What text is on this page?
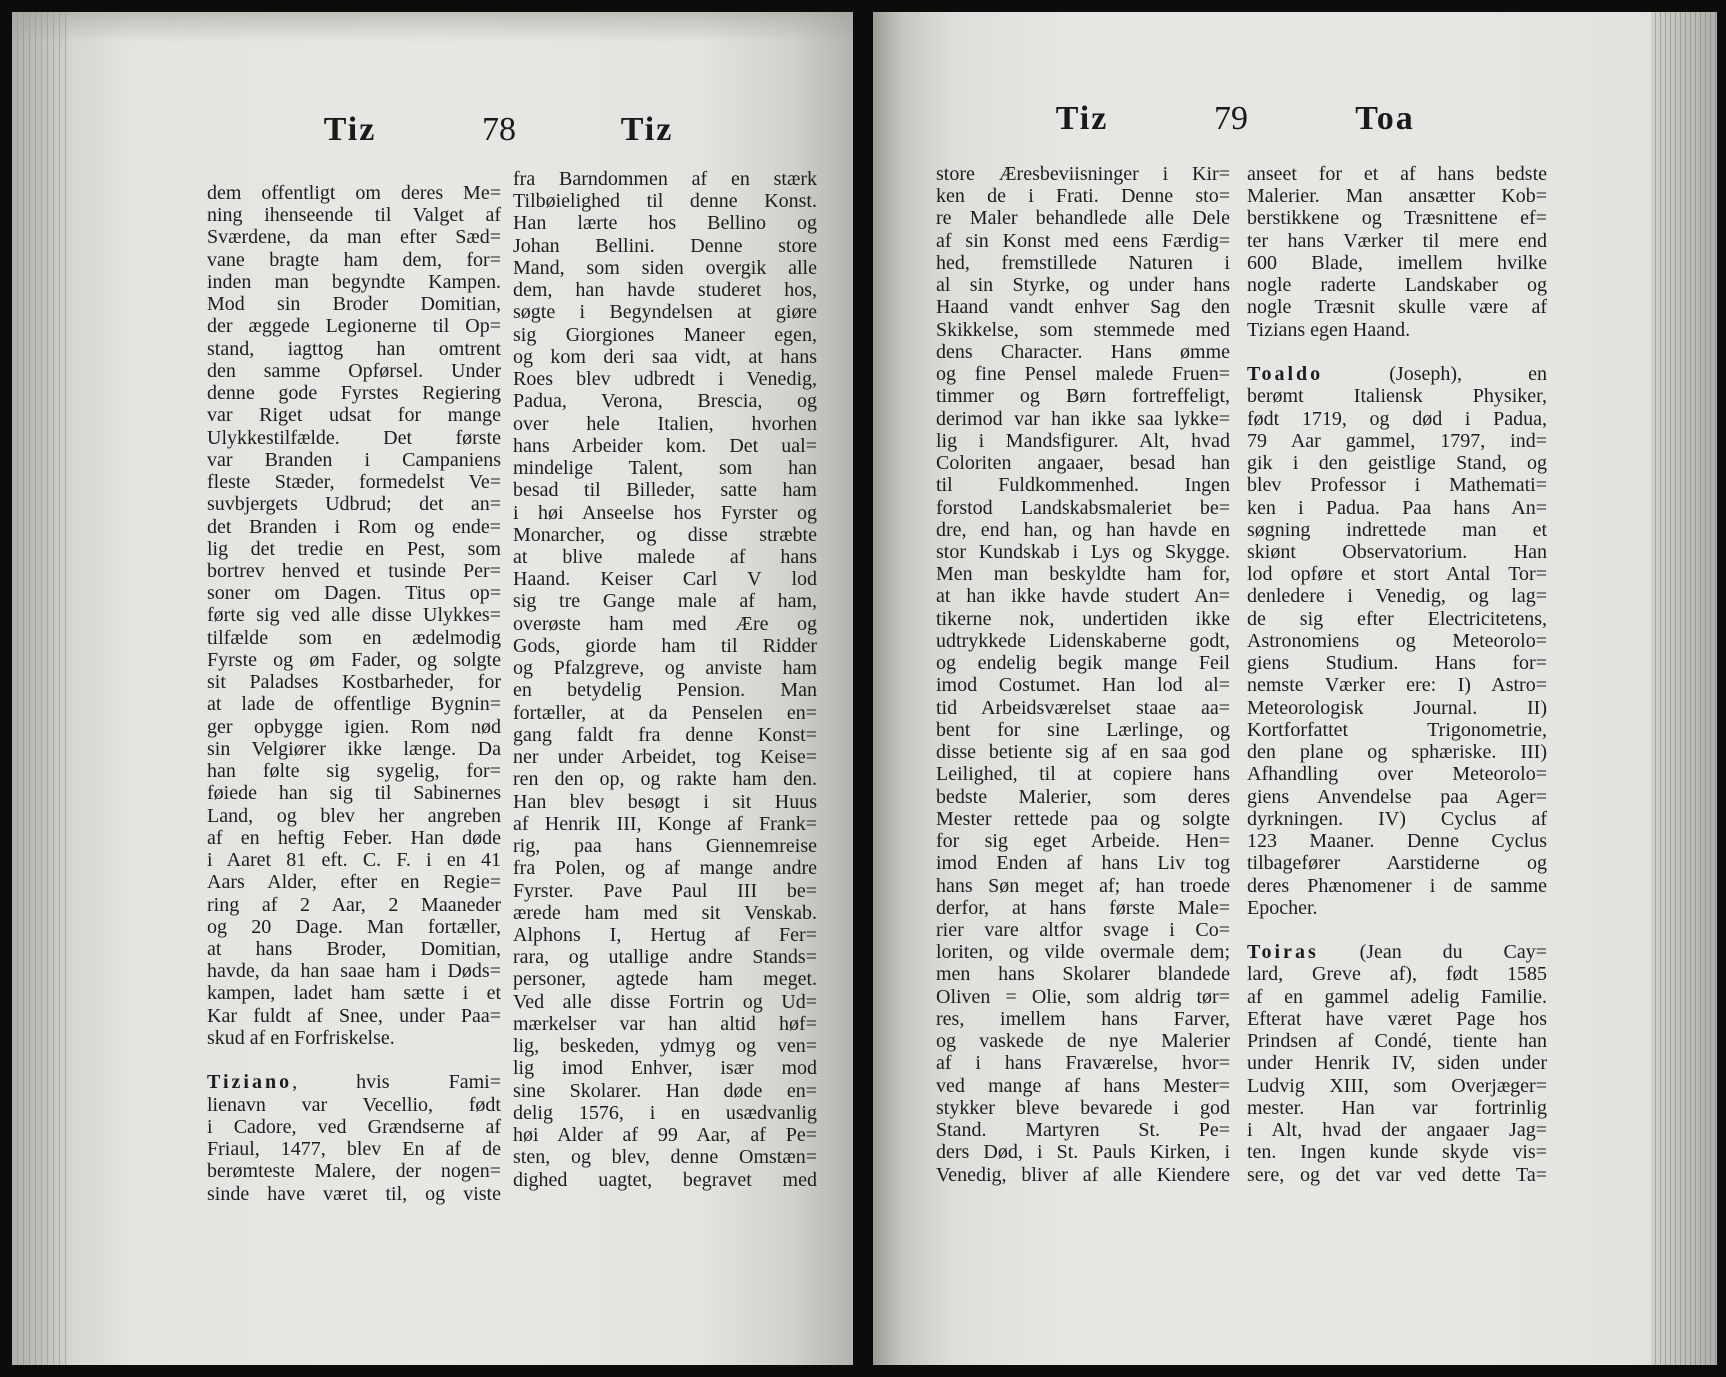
Tiz	78	Tiz
dem offentligt om deres Me=
ning ihenseende til Valget af
Sværdene, da man efter Sæd=
vane bragte ham dem, for=
inden man begyndte Kampen.
Mod sin Broder Domitian,
der æggede Legionerne til Op=
stand, iagttog han omtrent
den samme Opførsel. Under
denne gode Fyrstes Regiering
var Riget udsat for mange
Ulykkestilfælde. Det første
var Branden i Campaniens
fleste Stæder, formedelst Ve=
suvbjergets Udbrud; det an=
det Branden i Rom og ende=
lig det tredie en Pest, som
bortrev henved et tusinde Per=
soner om Dagen. Titus op=
førte sig ved alle disse Ulykkes=
tilfælde som en ædelmodig
Fyrste og øm Fader, og solgte
sit Paladses Kostbarheder, for
at lade de offentlige Bygnin=
ger opbygge igien. Rom nød
sin Velgiører ikke længe. Da
han følte sig sygelig, for=
føiede han sig til Sabinernes
Land, og blev her angreben
af en heftig Feber. Han døde
i Aaret 81 eft. C. F. i en 41
Aars Alder, efter en Regie=
ring af 2 Aar, 2 Maaneder
og 20 Dage. Man fortæller,
at hans Broder, Domitian,
havde, da han saae ham i Døds=
kampen, ladet ham sætte i et
Kar fuldt af Snee, under Paa=
skud af en Forfriskelse.
Tiziano, hvis Fami=
lienavn var Vecellio, født
i Cadore, ved Grændserne af
Friaul, 1477, blev En af de
berømteste Malere, der nogen=
sinde have været til, og viste
fra Barndommen af en stærk
Tilbøielighed til denne Konst.
Han lærte hos Bellino og
Johan Bellini. Denne store
Mand, som siden overgik alle
dem, han havde studeret hos,
søgte i Begyndelsen at giøre
sig Giorgiones Maneer egen,
og kom deri saa vidt, at hans
Roes blev udbredt i Venedig,
Padua, Verona, Brescia, og
over hele Italien, hvorhen
hans Arbeider kom. Det ual=
mindelige Talent, som han
besad til Billeder, satte ham
i høi Anseelse hos Fyrster og
Monarcher, og disse stræbte
at blive malede af hans
Haand. Keiser Carl V lod
sig tre Gange male af ham,
overøste ham med Ære og
Gods, giorde ham til Ridder
og Pfalzgreve, og anviste ham
en betydelig Pension. Man
fortæller, at da Penselen en=
gang faldt fra denne Konst=
ner under Arbeidet, tog Keise=
ren den op, og rakte ham den.
Han blev besøgt i sit Huus
af Henrik III, Konge af Frank=
rig, paa hans Giennemreise
fra Polen, og af mange andre
Fyrster. Pave Paul III be=
ærede ham med sit Venskab.
Alphons I, Hertug af Fer=
rara, og utallige andre Stands=
personer, agtede ham meget.
Ved alle disse Fortrin og Ud=
mærkelser var han altid høf=
lig, beskeden, ydmyg og ven=
lig imod Enhver, især mod
sine Skolarer. Han døde en=
delig 1576, i en usædvanlig
høi Alder af 99 Aar, af Pe=
sten, og blev, denne Omstæn=
dighed uagtet, begravet med
Tiz	79	Toa
store Æresbeviisninger i Kir=
ken de i Frati. Denne sto=
re Maler behandlede alle Dele
af sin Konst med eens Færdig=
hed, fremstillede Naturen i
al sin Styrke, og under hans
Haand vandt enhver Sag den
Skikkelse, som stemmede med
dens Character. Hans ømme
og fine Pensel malede Fruen=
timmer og Børn fortreffeligt,
derimod var han ikke saa lykke=
lig i Mandsfigurer. Alt, hvad
Coloriten angaaer, besad han
til Fuldkommenhed. Ingen
forstod Landskabsmaleriet be=
dre, end han, og han havde en
stor Kundskab i Lys og Skygge.
Men man beskyldte ham for,
at han ikke havde studert An=
tikerne nok, undertiden ikke
udtrykkede Lidenskaberne godt,
og endelig begik mange Feil
imod Costumet. Han lod al=
tid Arbeidsværelset staae aa=
bent for sine Lærlinge, og
disse betiente sig af en saa god
Leilighed, til at copiere hans
bedste Malerier, som deres
Mester rettede paa og solgte
for sig eget Arbeide. Hen=
imod Enden af hans Liv tog
hans Søn meget af; han troede
derfor, at hans første Male=
rier vare altfor svage i Co=
loriten, og vilde overmale dem;
men hans Skolarer blandede
Oliven = Olie, som aldrig tør=
res, imellem hans Farver,
og vaskede de nye Malerier
af i hans Fraværelse, hvor=
ved mange af hans Mester=
stykker bleve bevarede i god
Stand. Martyren St. Pe=
ders Død, i St. Pauls Kirken, i
Venedig, bliver af alle Kiendere
anseet for et af hans bedste
Malerier. Man ansætter Kob=
berstikkene og Træsnittene ef=
ter hans Værker til mere end
600 Blade, imellem hvilke
nogle raderte Landskaber og
nogle Træsnit skulle være af
Tizians egen Haand.
Toaldo (Joseph), en
berømt Italiensk Physiker,
født 1719, og død i Padua,
79 Aar gammel, 1797, ind=
gik i den geistlige Stand, og
blev Professor i Mathemati=
ken i Padua. Paa hans An=
søgning indrettede man et
skiønt Observatorium. Han
lod opføre et stort Antal Tor=
denledere i Venedig, og lag=
de sig efter Electricitetens,
Astronomiens og Meteorolo=
giens Studium. Hans for=
nemste Værker ere: I) Astro=
Meteorologisk Journal. II)
Kortforfattet Trigonometrie,
den plane og sphæriske. III)
Afhandling over Meteorolo=
giens Anvendelse paa Ager=
dyrkningen. IV) Cyclus af
123 Maaner. Denne Cyclus
tilbagefører Aarstiderne og
deres Phænomener i de samme
Epocher.
Toiras (Jean du Cay=
lard, Greve af), født 1585
af en gammel adelig Familie.
Efterat have været Page hos
Prindsen af Condé, tiente han
under Henrik IV, siden under
Ludvig XIII, som Overjæger=
mester. Han var fortrinlig
i Alt, hvad der angaaer Jag=
ten. Ingen kunde skyde vis=
sere, og det var ved dette Ta=
